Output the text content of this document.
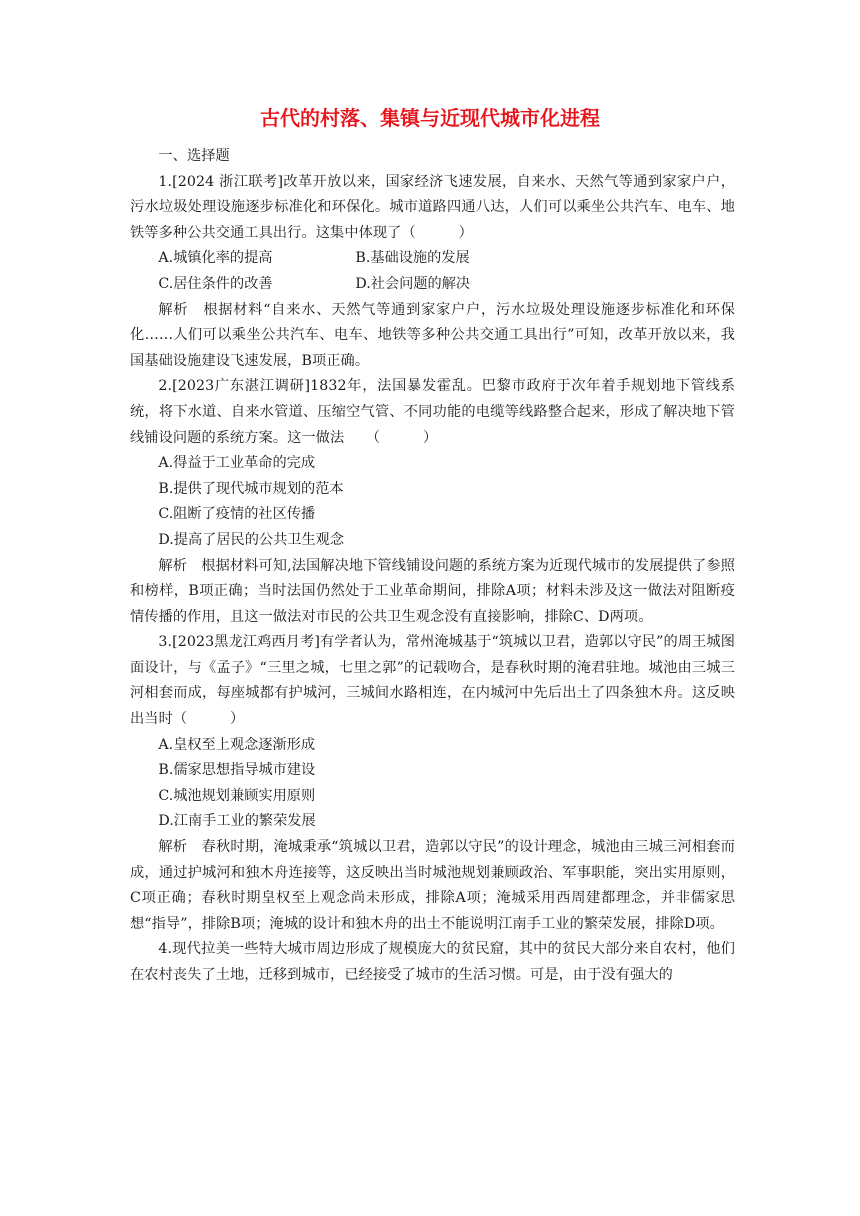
古代的村落、集镇与近现代城市化进程

一、选择题

1.[2024 浙江联考]改革开放以来，国家经济飞速发展，自来水、天然气等通到家家户户，污水垃圾处理设施逐步标准化和环保化。城市道路四通八达，人们可以乘坐公共汽车、电车、地铁等多种公共交通工具出行。这集中体现了（　　　）

A.城镇化率的提高	B.基础设施的发展
C.居住条件的改善	D.社会问题的解决

解析　根据材料“自来水、天然气等通到家家户户，污水垃圾处理设施逐步标准化和环保化……人们可以乘坐公共汽车、电车、地铁等多种公共交通工具出行”可知，改革开放以来，我国基础设施建设飞速发展，B项正确。

2.[2023广东湛江调研]1832年，法国暴发霍乱。巴黎市政府于次年着手规划地下管线系统，将下水道、自来水管道、压缩空气管、不同功能的电缆等线路整合起来，形成了解决地下管线铺设问题的系统方案。这一做法　　（　　　）

A.得益于工业革命的完成

B.提供了现代城市规划的范本

C.阻断了疫情的社区传播

D.提高了居民的公共卫生观念

解析　根据材料可知,法国解决地下管线铺设问题的系统方案为近现代城市的发展提供了参照和榜样，B项正确；当时法国仍然处于工业革命期间，排除A项；材料未涉及这一做法对阻断疫情传播的作用，且这一做法对市民的公共卫生观念没有直接影响，排除C、D两项。

3.[2023黑龙江鸡西月考]有学者认为，常州淹城基于“筑城以卫君，造郭以守民”的周王城图面设计，与《孟子》“三里之城，七里之郭”的记载吻合，是春秋时期的淹君驻地。城池由三城三河相套而成，每座城都有护城河，三城间水路相连，在内城河中先后出土了四条独木舟。这反映出当时（　　　）

A.皇权至上观念逐渐形成

B.儒家思想指导城市建设

C.城池规划兼顾实用原则

D.江南手工业的繁荣发展

解析　春秋时期，淹城秉承“筑城以卫君，造郭以守民”的设计理念，城池由三城三河相套而成，通过护城河和独木舟连接等，这反映出当时城池规划兼顾政治、军事职能，突出实用原则，C项正确；春秋时期皇权至上观念尚未形成，排除A项；淹城采用西周建都理念，并非儒家思想“指导”，排除B项；淹城的设计和独木舟的出土不能说明江南手工业的繁荣发展，排除D项。

4.现代拉美一些特大城市周边形成了规模庞大的贫民窟，其中的贫民大部分来自农村，他们在农村丧失了土地，迁移到城市，已经接受了城市的生活习惯。可是，由于没有强大的
